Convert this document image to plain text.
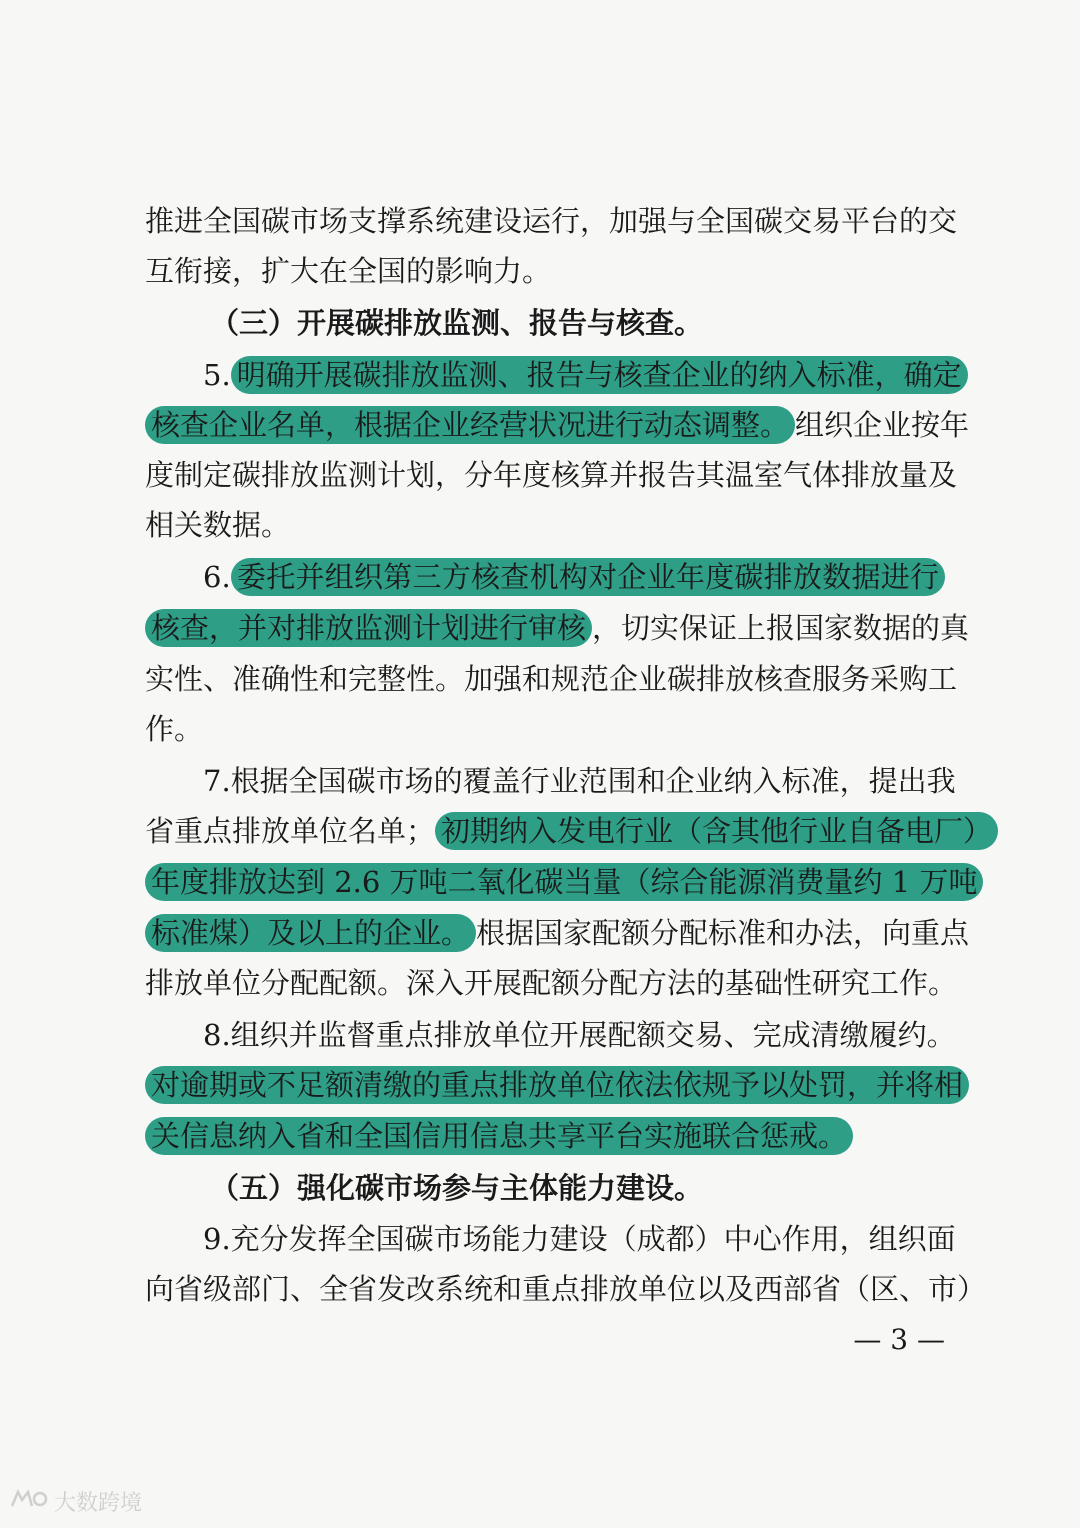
推进全国碳市场支撑系统建设运行，加强与全国碳交易平台的交
互衔接，扩大在全国的影响力。
（三）开展碳排放监测、报告与核查。
5. 明确开展碳排放监测、报告与核查企业的纳入标准，确定
核查企业名单，根据企业经营状况进行动态调整。 组织企业按年
度制定碳排放监测计划，分年度核算并报告其温室气体排放量及
相关数据。
6. 委托并组织第三方核查机构对企业年度碳排放数据进行
核查，并对排放监测计划进行审核 ，切实保证上报国家数据的真
实性、准确性和完整性。加强和规范企业碳排放核查服务采购工
作。
7.根据全国碳市场的覆盖行业范围和企业纳入标准，提出我
省重点排放单位名单； 初期纳入发电行业（含其他行业自备电厂）
年度排放达到 2.6 万吨二氧化碳当量（综合能源消费量约 1 万吨
标准煤）及以上的企业。 根据国家配额分配标准和办法，向重点
排放单位分配配额。深入开展配额分配方法的基础性研究工作。
8.组织并监督重点排放单位开展配额交易、完成清缴履约。
对逾期或不足额清缴的重点排放单位依法依规予以处罚，并将相
关信息纳入省和全国信用信息共享平台实施联合惩戒。
（五）强化碳市场参与主体能力建设。
9.充分发挥全国碳市场能力建设（成都）中心作用，组织面
向省级部门、全省发改系统和重点排放单位以及西部省（区、市）
— 3 —
大数跨境
